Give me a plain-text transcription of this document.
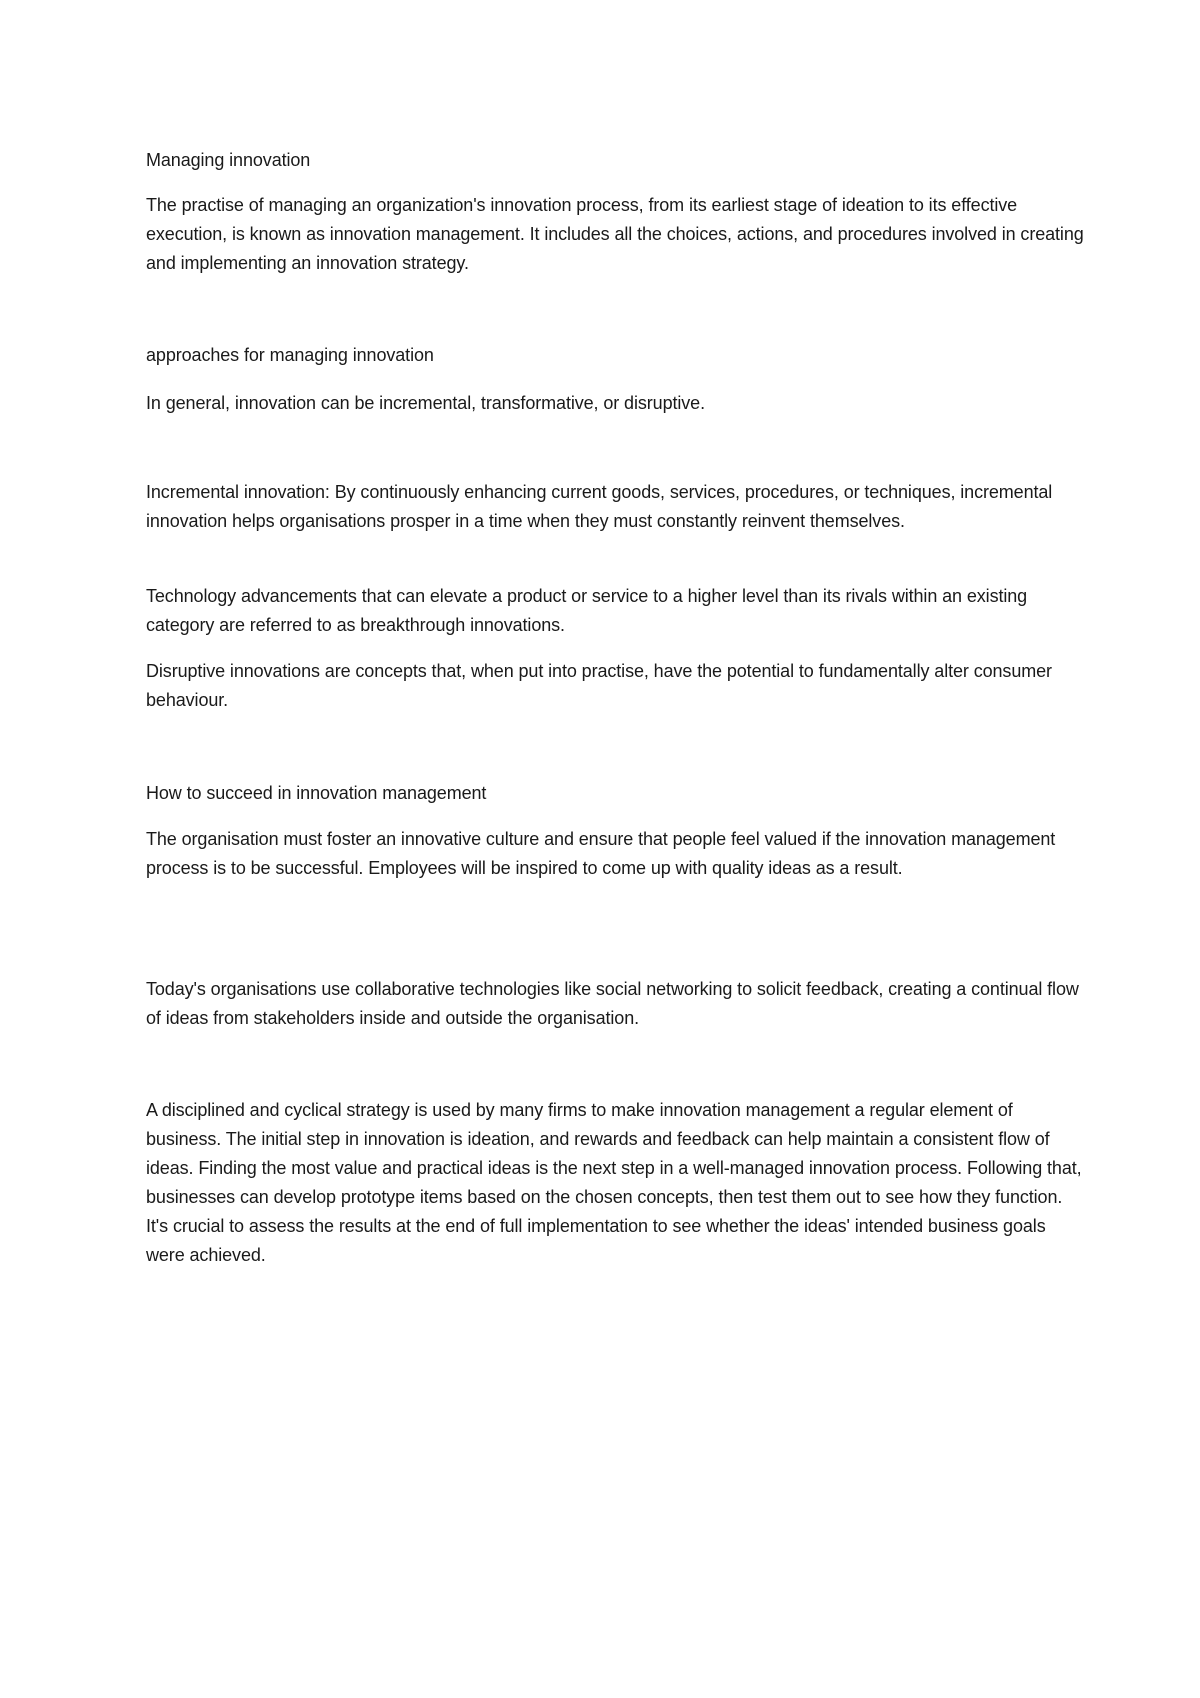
Managing innovation

The practise of managing an organization's innovation process, from its earliest stage of ideation to its effective execution, is known as innovation management. It includes all the choices, actions, and procedures involved in creating and implementing an innovation strategy.

approaches for managing innovation

In general, innovation can be incremental, transformative, or disruptive.

Incremental innovation: By continuously enhancing current goods, services, procedures, or techniques, incremental innovation helps organisations prosper in a time when they must constantly reinvent themselves.

Technology advancements that can elevate a product or service to a higher level than its rivals within an existing category are referred to as breakthrough innovations.

Disruptive innovations are concepts that, when put into practise, have the potential to fundamentally alter consumer behaviour.

How to succeed in innovation management

The organisation must foster an innovative culture and ensure that people feel valued if the innovation management process is to be successful. Employees will be inspired to come up with quality ideas as a result.

Today's organisations use collaborative technologies like social networking to solicit feedback, creating a continual flow of ideas from stakeholders inside and outside the organisation.

A disciplined and cyclical strategy is used by many firms to make innovation management a regular element of business. The initial step in innovation is ideation, and rewards and feedback can help maintain a consistent flow of ideas. Finding the most value and practical ideas is the next step in a well-managed innovation process. Following that, businesses can develop prototype items based on the chosen concepts, then test them out to see how they function. It's crucial to assess the results at the end of full implementation to see whether the ideas' intended business goals were achieved.
